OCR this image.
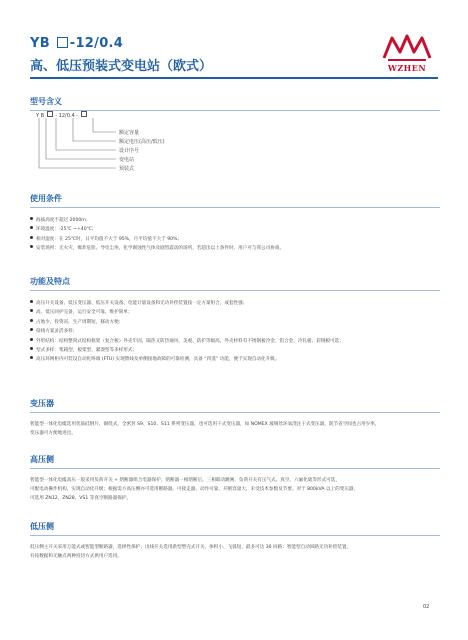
YB -12/0.4
高、低压预装式变电站（欧式）	WZHEN
型号含义
Y B - 12/0.4 -
额定容量
额定电压(高压/低压)
设计序号
变电站
预装式
使用条件
海拔高度不超过 2000m；
环境温度：-25℃ ~+40℃；
相对湿度：在 25℃时，日平均值不大于 95%，月平均值不大于 90%；
安装场所：无火灾、爆炸危险、导电尘埃、化学腐蚀性气体及剧烈震动的场所，若超出以上条件时，用户可与我公司协商。
功能及特点
高压开关设备、低压变压器、低压开关设备、电能计量设备和无功补偿装置按一定方案组合，成套性强；
高、低压回护完备，运行安全可靠，维护简单；
占地少，投资省，生产周期短，移动方便；
接线方案灵活多样；
外形结构：结构整窝式结构框架（复合板）外壳牢固，隔热又防热通风、美观、防护等级高，外壳材料有不锈钢板冷金、铝合金、冷轧板、彩钢板可选；
型式多样：集箱型、板架型、紧凑型等多样形式；
高压环网柜内可装设自动化终端 (FTU) 实现馈线及单侧接地故障的可靠检测，具备 “四遥” 功能，便于实现自动化升级。
变压器
智能型一体化电缆选用优质硅钢片、铜绕式，全密封 S9、S10、S11 系列变压器，也可选用干式变压器，如 NOMEX 玻璃丝环氧浇注干式变压器，既节省空间也占用少率，
变压器可方便地进出。
高压侧
智能型一体化电缆高压一般采用负荷开关 + 熔断器组合电器保护，熔断器一相熔断后，三相联动跳闸，负荷开关有压气式、真空、六氟化硫等形式可选，
可配电动操作机构，实现自动化升级；根据需方高压侧亦可选用断路器，可接走器、动作可靠，开断容量大，未受技术参数及节要。对于 800kVA 以上的变压器，
可选用 ZN12、ZN28、VS1 等真空断路器保护。
低压侧
低压侧主开关采用万能式或智能型断路器，选择性保护；出线开关选用新型塑壳式开关，体积小、飞弧短，最多可达 30 回路；智能型自动回路无功补偿装置，
有按数据和无触点两种投切方式供用户选用。
02
